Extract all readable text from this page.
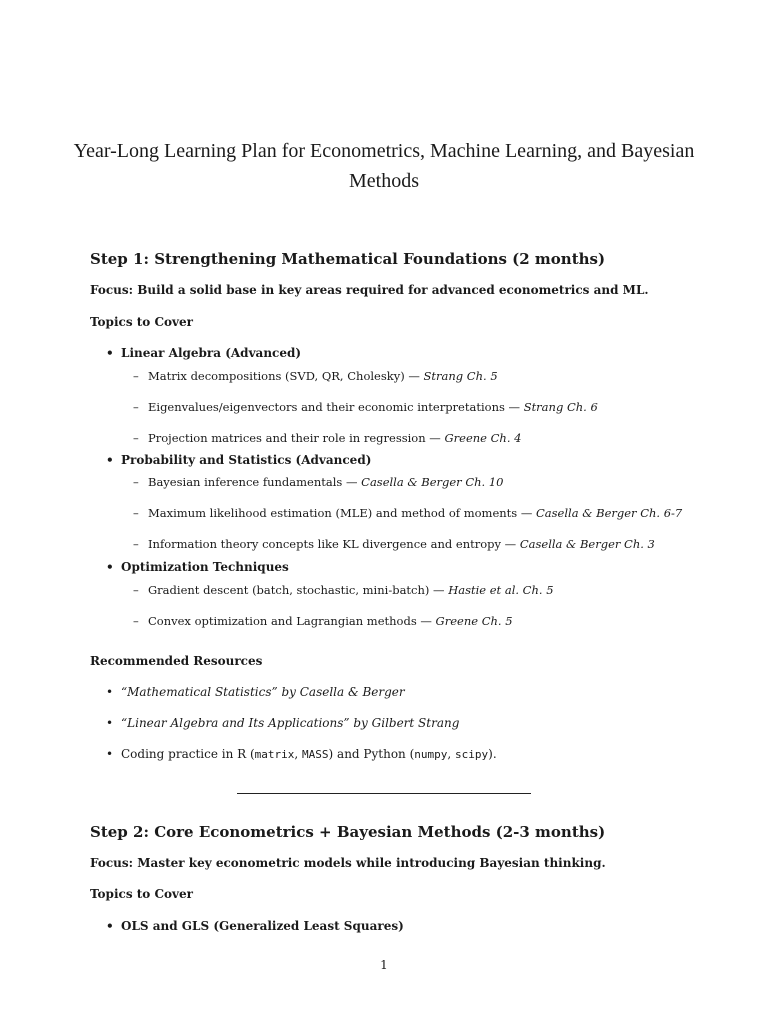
Year-Long Learning Plan for Econometrics, Machine Learning, and Bayesian Methods
Step 1: Strengthening Mathematical Foundations (2 months)
Focus: Build a solid base in key areas required for advanced econometrics and ML.
Topics to Cover
• Linear Algebra (Advanced)
– Matrix decompositions (SVD, QR, Cholesky) — Strang Ch. 5
– Eigenvalues/eigenvectors and their economic interpretations — Strang Ch. 6
– Projection matrices and their role in regression — Greene Ch. 4
• Probability and Statistics (Advanced)
– Bayesian inference fundamentals — Casella & Berger Ch. 10
– Maximum likelihood estimation (MLE) and method of moments — Casella & Berger Ch. 6-7
– Information theory concepts like KL divergence and entropy — Casella & Berger Ch. 3
• Optimization Techniques
– Gradient descent (batch, stochastic, mini-batch) — Hastie et al. Ch. 5
– Convex optimization and Lagrangian methods — Greene Ch. 5
Recommended Resources
• “Mathematical Statistics” by Casella & Berger
• “Linear Algebra and Its Applications” by Gilbert Strang
• Coding practice in R (matrix, MASS) and Python (numpy, scipy).
Step 2: Core Econometrics + Bayesian Methods (2-3 months)
Focus: Master key econometric models while introducing Bayesian thinking.
Topics to Cover
• OLS and GLS (Generalized Least Squares)
1
